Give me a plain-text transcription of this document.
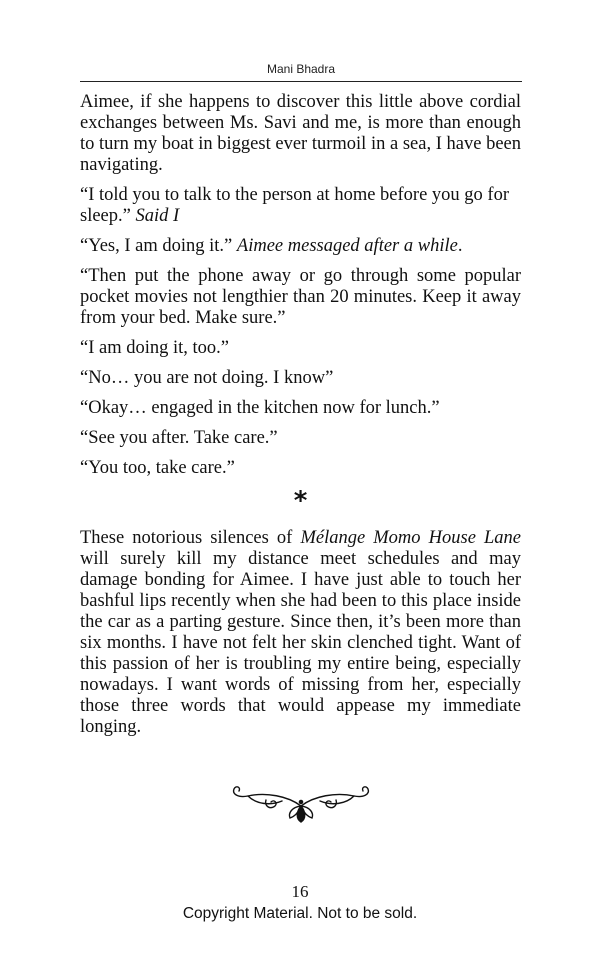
Mani Bhadra

Aimee, if she happens to discover this little above cordial exchanges between Ms. Savi and me, is more than enough to turn my boat in biggest ever turmoil in a sea, I have been navigating.

“I told you to talk to the person at home before you go for sleep.” Said I

“Yes, I am doing it.” Aimee messaged after a while.

“Then put the phone away or go through some popular pocket movies not lengthier than 20 minutes. Keep it away from your bed. Make sure.”

“I am doing it, too.”

“No… you are not doing. I know”

“Okay… engaged in the kitchen now for lunch.”

“See you after. Take care.”

“You too, take care.”

*

These notorious silences of Mélange Momo House Lane will surely kill my distance meet schedules and may damage bonding for Aimee. I have just able to touch her bashful lips recently when she had been to this place inside the car as a parting gesture. Since then, it’s been more than six months. I have not felt her skin clenched tight. Want of this passion of her is troubling my entire being, especially nowadays. I want words of missing from her, especially those three words that would appease my immediate longing.

16
Copyright Material. Not to be sold.
